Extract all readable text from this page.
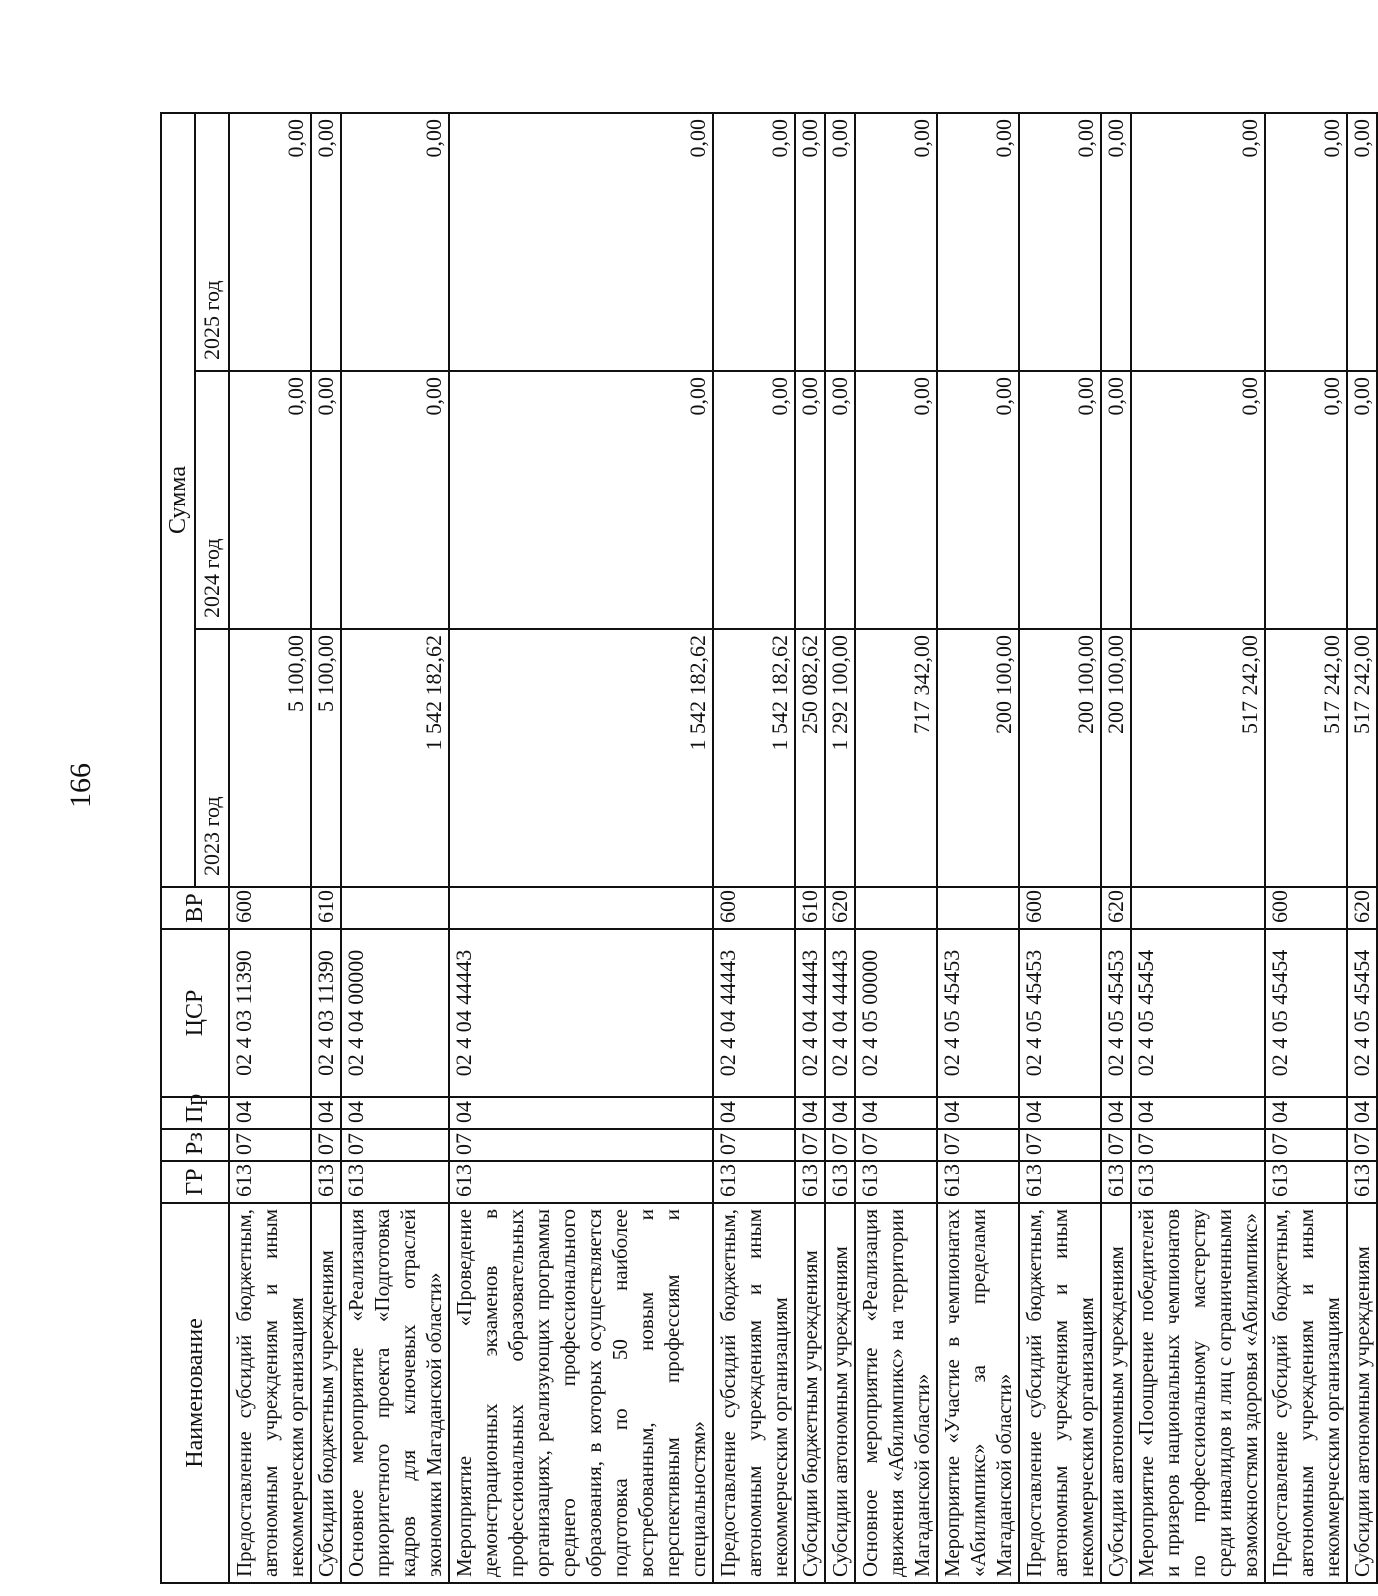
166
Наименование	ГР	Рз	Пр	ЦСР	ВР	Сумма		
						2023 год	2024 год	2025 год
Предоставление субсидий бюджетным, автономным учреждениям и иным некоммерческим организациям	613	07	04	02 4 03 11390	600	5 100,00	0,00	0,00
Субсидии бюджетным учреждениям	613	07	04	02 4 03 11390	610	5 100,00	0,00	0,00
Основное мероприятие «Реализация приоритетного проекта «Подготовка кадров для ключевых отраслей экономики Магаданской области»	613	07	04	02 4 04 00000		1 542 182,62	0,00	0,00
Мероприятие «Проведение демонстрационных экзаменов в профессиональных образовательных организациях, реализующих программы среднего профессионального образования, в которых осуществляется подготовка по 50 наиболее востребованным, новым и перспективным профессиям и специальностям»	613	07	04	02 4 04 44443		1 542 182,62	0,00	0,00
Предоставление субсидий бюджетным, автономным учреждениям и иным некоммерческим организациям	613	07	04	02 4 04 44443	600	1 542 182,62	0,00	0,00
Субсидии бюджетным учреждениям	613	07	04	02 4 04 44443	610	250 082,62	0,00	0,00
Субсидии автономным учреждениям	613	07	04	02 4 04 44443	620	1 292 100,00	0,00	0,00
Основное мероприятие «Реализация движения «Абилимпикс» на территории Магаданской области»	613	07	04	02 4 05 00000		717 342,00	0,00	0,00
Мероприятие «Участие в чемпионатах «Абилимпикс» за пределами Магаданской области»	613	07	04	02 4 05 45453		200 100,00	0,00	0,00
Предоставление субсидий бюджетным, автономным учреждениям и иным некоммерческим организациям	613	07	04	02 4 05 45453	600	200 100,00	0,00	0,00
Субсидии автономным учреждениям	613	07	04	02 4 05 45453	620	200 100,00	0,00	0,00
Мероприятие «Поощрение победителей и призеров национальных чемпионатов по профессиональному мастерству среди инвалидов и лиц с ограниченными возможностями здоровья «Абилимпикс»	613	07	04	02 4 05 45454		517 242,00	0,00	0,00
Предоставление субсидий бюджетным, автономным учреждениям и иным некоммерческим организациям	613	07	04	02 4 05 45454	600	517 242,00	0,00	0,00
Субсидии автономным учреждениям	613	07	04	02 4 05 45454	620	517 242,00	0,00	0,00
